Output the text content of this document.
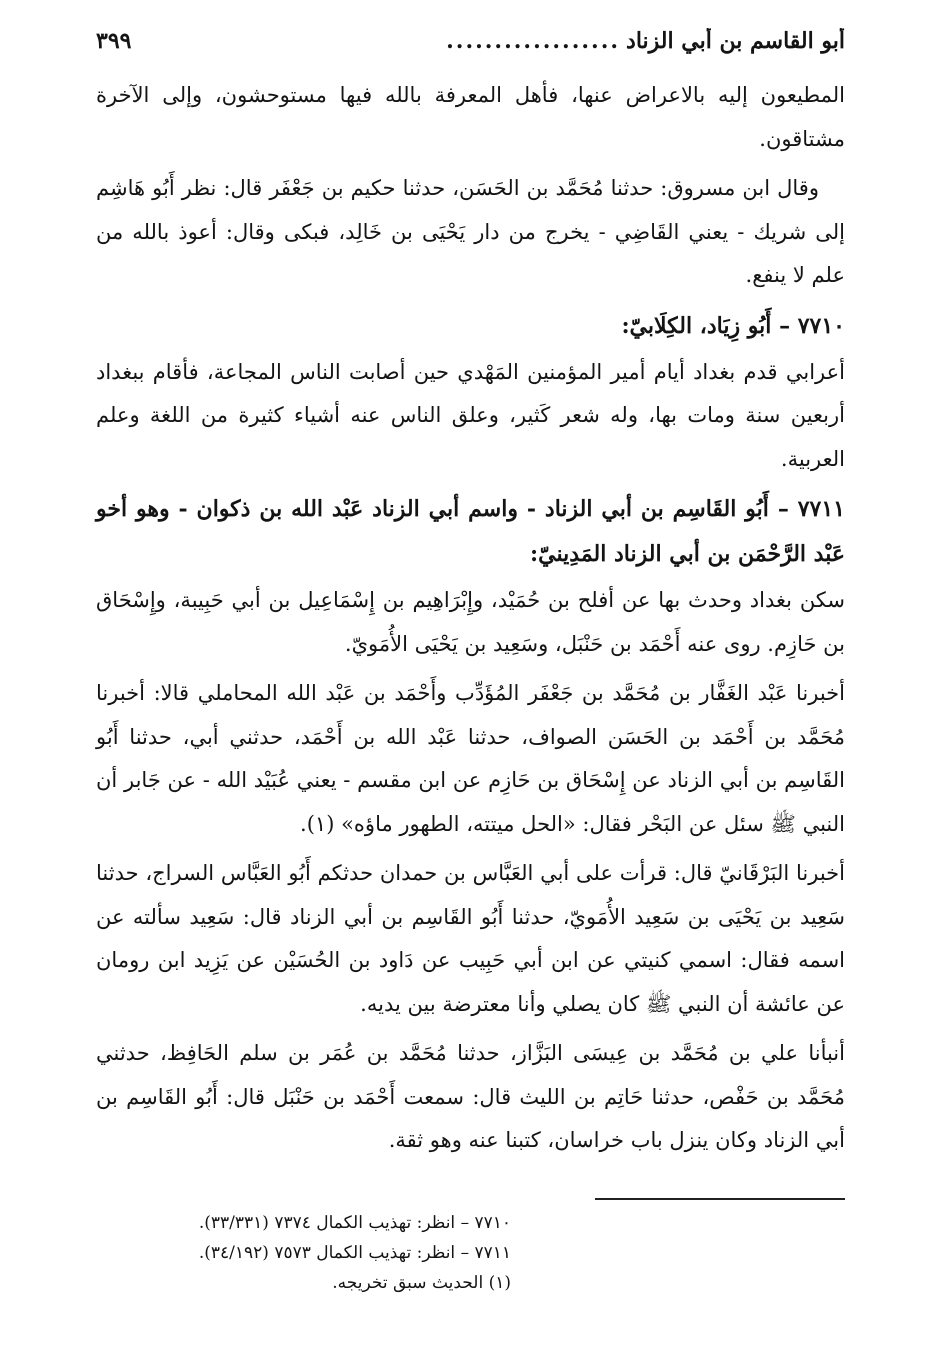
أبو القاسم بن أبي الزناد
..................
٣٩٩

المطيعون إليه بالاعراض عنها، فأهل المعرفة بالله فيها مستوحشون، وإلى الآخرة مشتاقون.

وقال ابن مسروق: حدثنا مُحَمَّد بن الحَسَن، حدثنا حكيم بن جَعْفَر قال: نظر أَبُو هَاشِم إلى شريك - يعني القَاضِي - يخرج من دار يَحْيَى بن خَالِد، فبكى وقال: أعوذ بالله من علم لا ينفع.

٧٧١٠ – أَبُو زِيَاد، الكِلَابيّ:

أعرابي قدم بغداد أيام أمير المؤمنين المَهْدي حين أصابت الناس المجاعة، فأقام ببغداد أربعين سنة ومات بها، وله شعر كَثير، وعلق الناس عنه أشياء كثيرة من اللغة وعلم العربية.

٧٧١١ – أَبُو القَاسِم بن أبي الزناد - واسم أبي الزناد عَبْد الله بن ذكوان - وهو أخو عَبْد الرَّحْمَن بن أبي الزناد المَدِينيّ:

سكن بغداد وحدث بها عن أفلح بن حُمَيْد، وإِبْرَاهِيم بن إِسْمَاعِيل بن أبي حَبِيبة، وإِسْحَاق بن حَازِم. روى عنه أَحْمَد بن حَنْبَل، وسَعِيد بن يَحْيَى الأُمَويّ.

أخبرنا عَبْد الغَفَّار بن مُحَمَّد بن جَعْفَر المُؤَدِّب وأَحْمَد بن عَبْد الله المحاملي قالا: أخبرنا مُحَمَّد بن أَحْمَد بن الحَسَن الصواف، حدثنا عَبْد الله بن أَحْمَد، حدثني أبي، حدثنا أَبُو القَاسِم بن أبي الزناد عن إِسْحَاق بن حَازِم عن ابن مقسم - يعني عُبَيْد الله - عن جَابر أن النبي ﷺ سئل عن البَحْر فقال: «الحل ميتته، الطهور ماؤه» (١).

أخبرنا البَرْقَانيّ قال: قرأت على أبي العَبَّاس بن حمدان حدثكم أَبُو العَبَّاس السراج، حدثنا سَعِيد بن يَحْيَى بن سَعِيد الأُمَويّ، حدثنا أَبُو القَاسِم بن أبي الزناد قال: سَعِيد سألته عن اسمه فقال: اسمي كنيتي عن ابن أبي حَبِيب عن دَاود بن الحُسَيْن عن يَزِيد ابن رومان عن عائشة أن النبي ﷺ كان يصلي وأنا معترضة بين يديه.

أنبأنا علي بن مُحَمَّد بن عِيسَى البَزَّاز، حدثنا مُحَمَّد بن عُمَر بن سلم الحَافِظ، حدثني مُحَمَّد بن حَفْص، حدثنا حَاتِم بن الليث قال: سمعت أَحْمَد بن حَنْبَل قال: أَبُو القَاسِم بن أبي الزناد وكان ينزل باب خراسان، كتبنا عنه وهو ثقة.

٧٧١٠ – انظر: تهذيب الكمال ٧٣٧٤ (٣٣/٣٣١).
٧٧١١ – انظر: تهذيب الكمال ٧٥٧٣ (٣٤/١٩٢).
(١) الحديث سبق تخريجه.
